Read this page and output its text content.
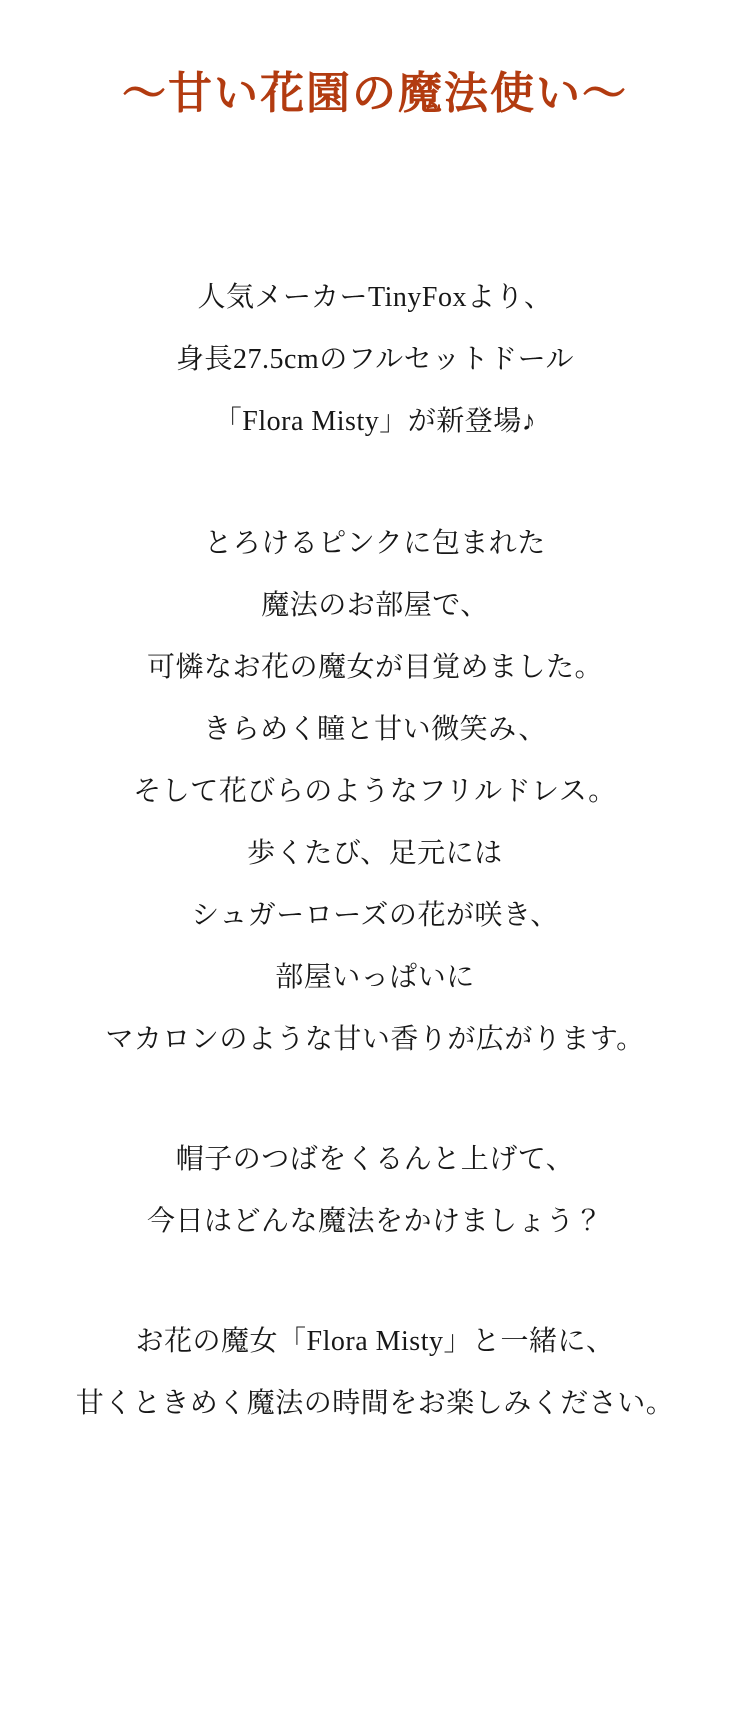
〜甘い花園の魔法使い〜

人気メーカーTinyFoxより、
身長27.5cmのフルセットドール
「Flora Misty」が新登場♪

とろけるピンクに包まれた
魔法のお部屋で、
可憐なお花の魔女が目覚めました。
きらめく瞳と甘い微笑み、
そして花びらのようなフリルドレス。
歩くたび、足元には
シュガーローズの花が咲き、
部屋いっぱいに
マカロンのような甘い香りが広がります。

帽子のつばをくるんと上げて、
今日はどんな魔法をかけましょう？

お花の魔女「Flora Misty」と一緒に、
甘くときめく魔法の時間をお楽しみください。
